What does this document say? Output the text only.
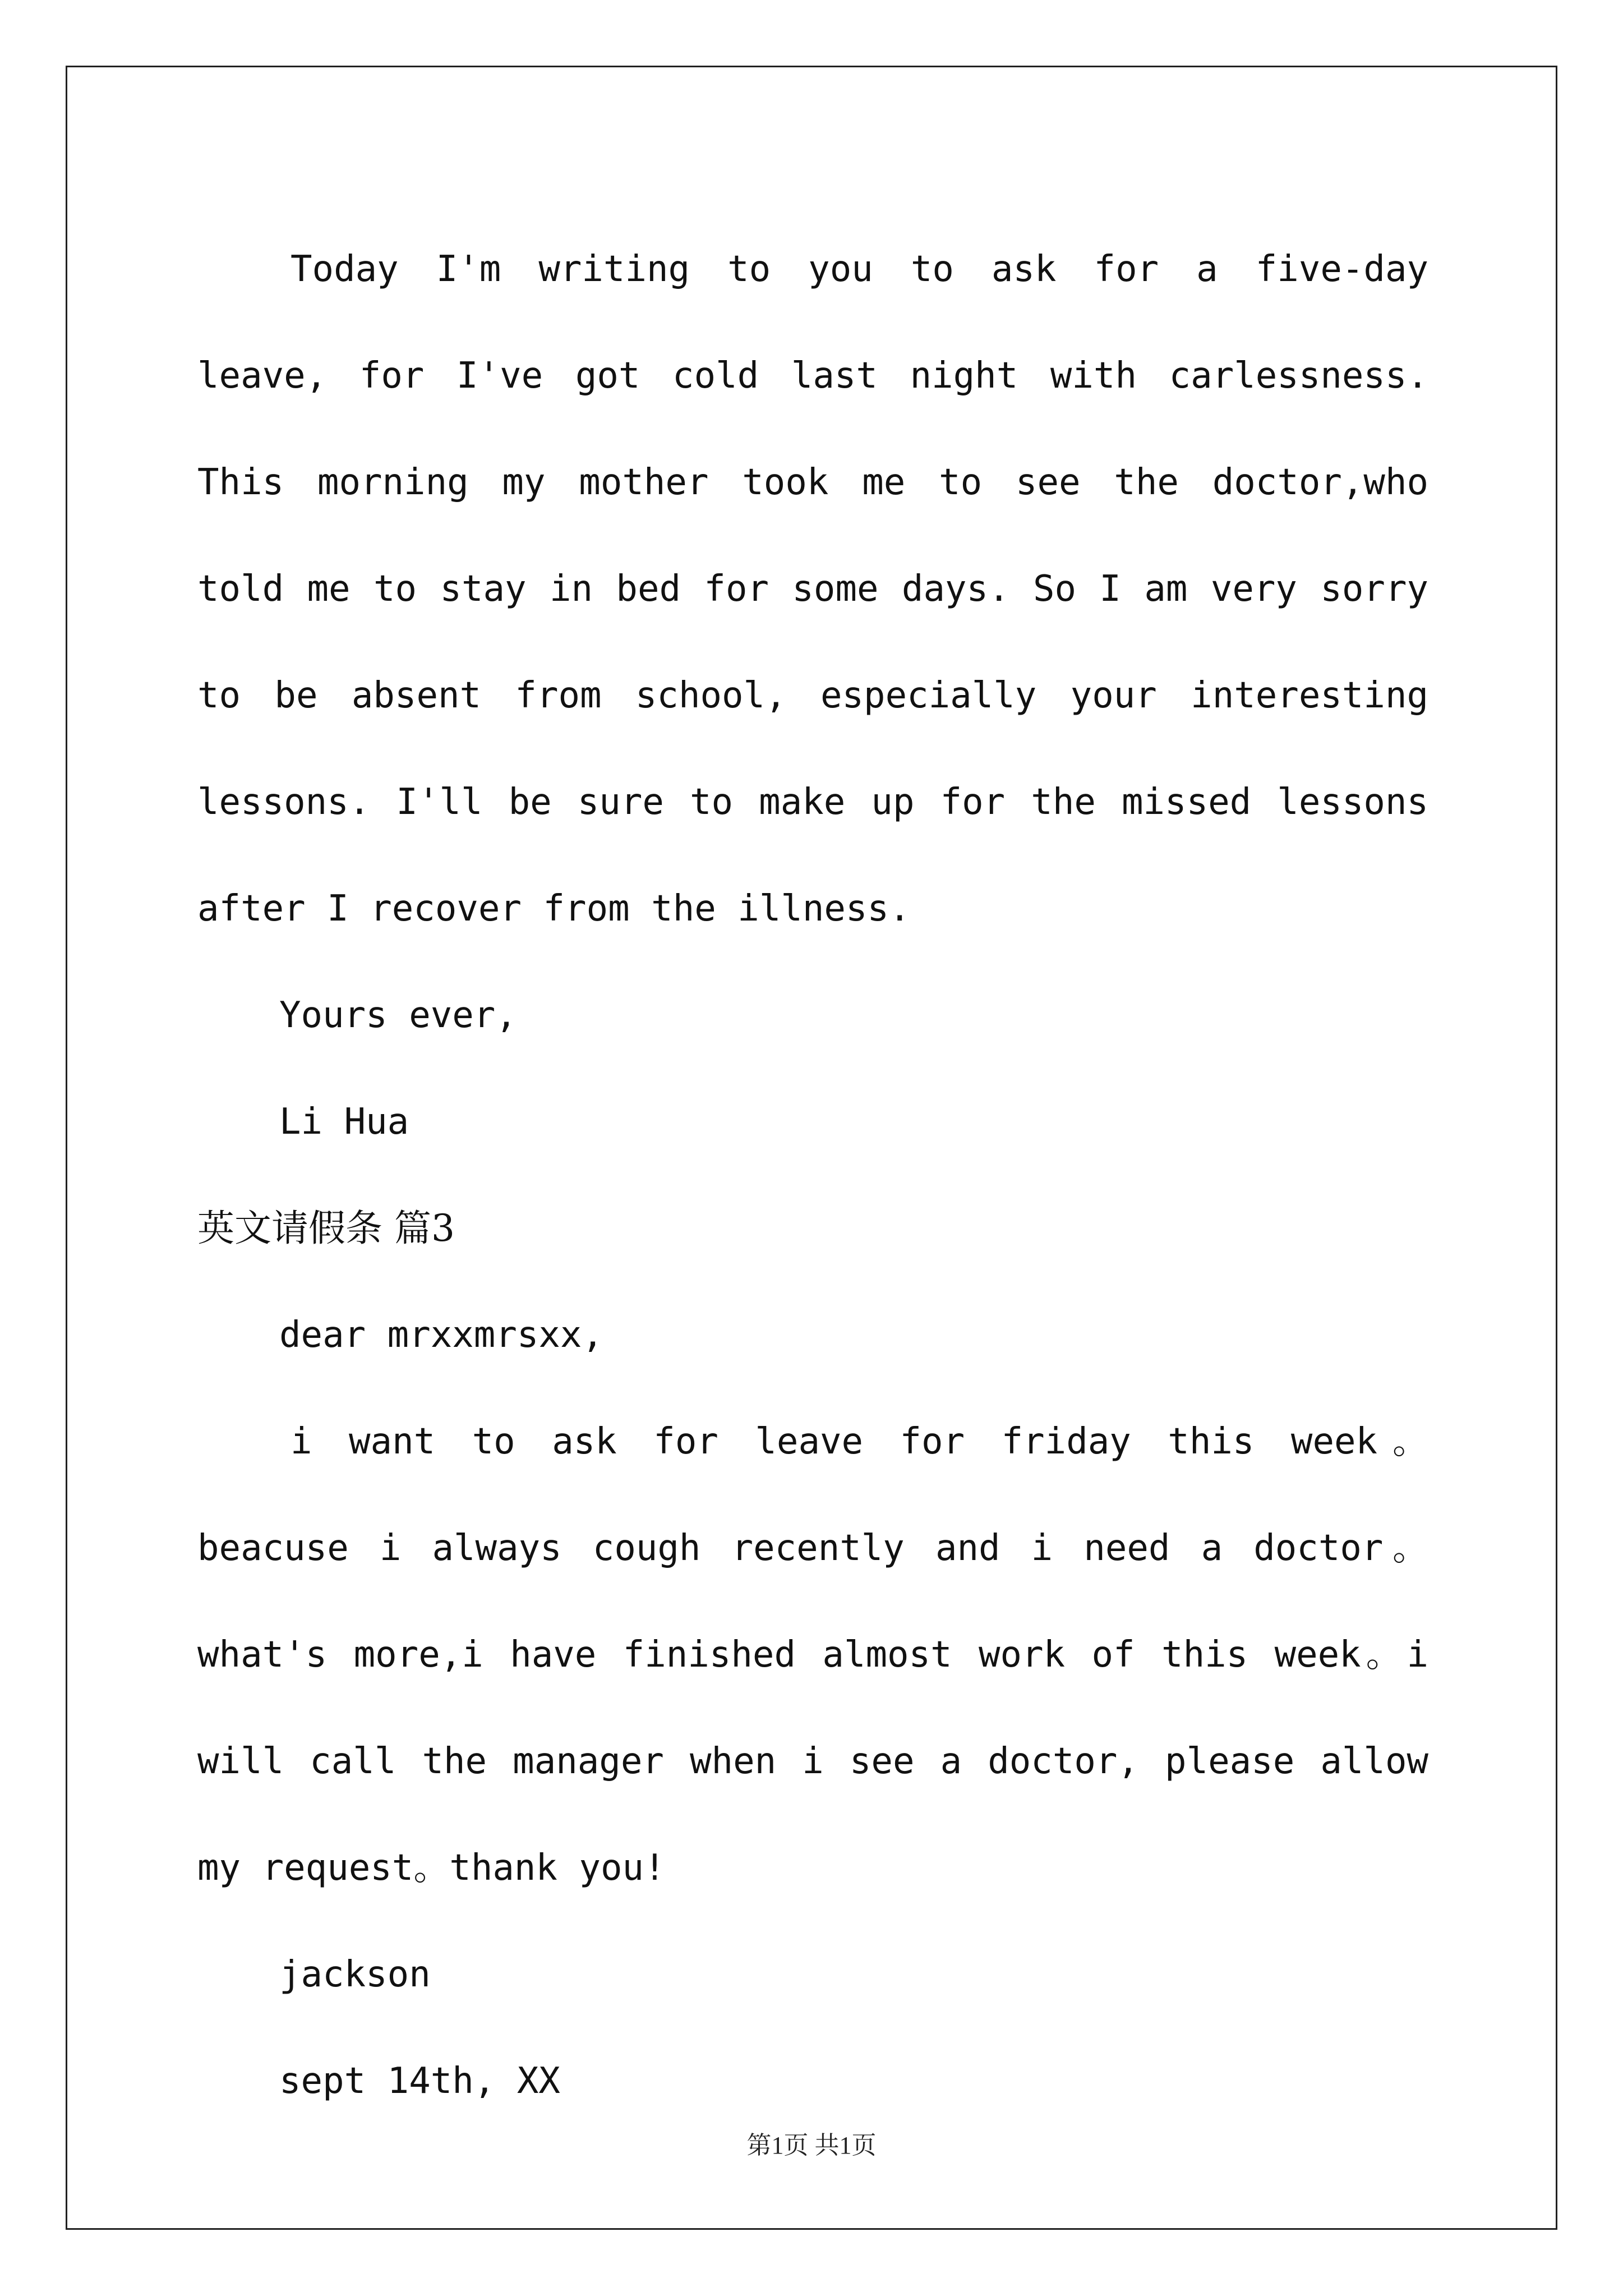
Today I'm writing to you to ask for a five-day leave, for I've got cold last night with carlessness. This morning my mother took me to see the doctor,who told me to stay in bed for some days. So I am very sorry to be absent from school, especially your interesting lessons. I'll be sure to make up for the missed lessons after I recover from the illness.

Yours ever,

Li Hua

英文请假条 篇3

dear mrxxmrsxx,

i want to ask for leave for friday this week。beacuse i always cough recently and i need a doctor。what's more,i have finished almost work of this week。i will call the manager when i see a doctor, please allow my request。thank you!

jackson

sept 14th, XX

第1页 共1页
